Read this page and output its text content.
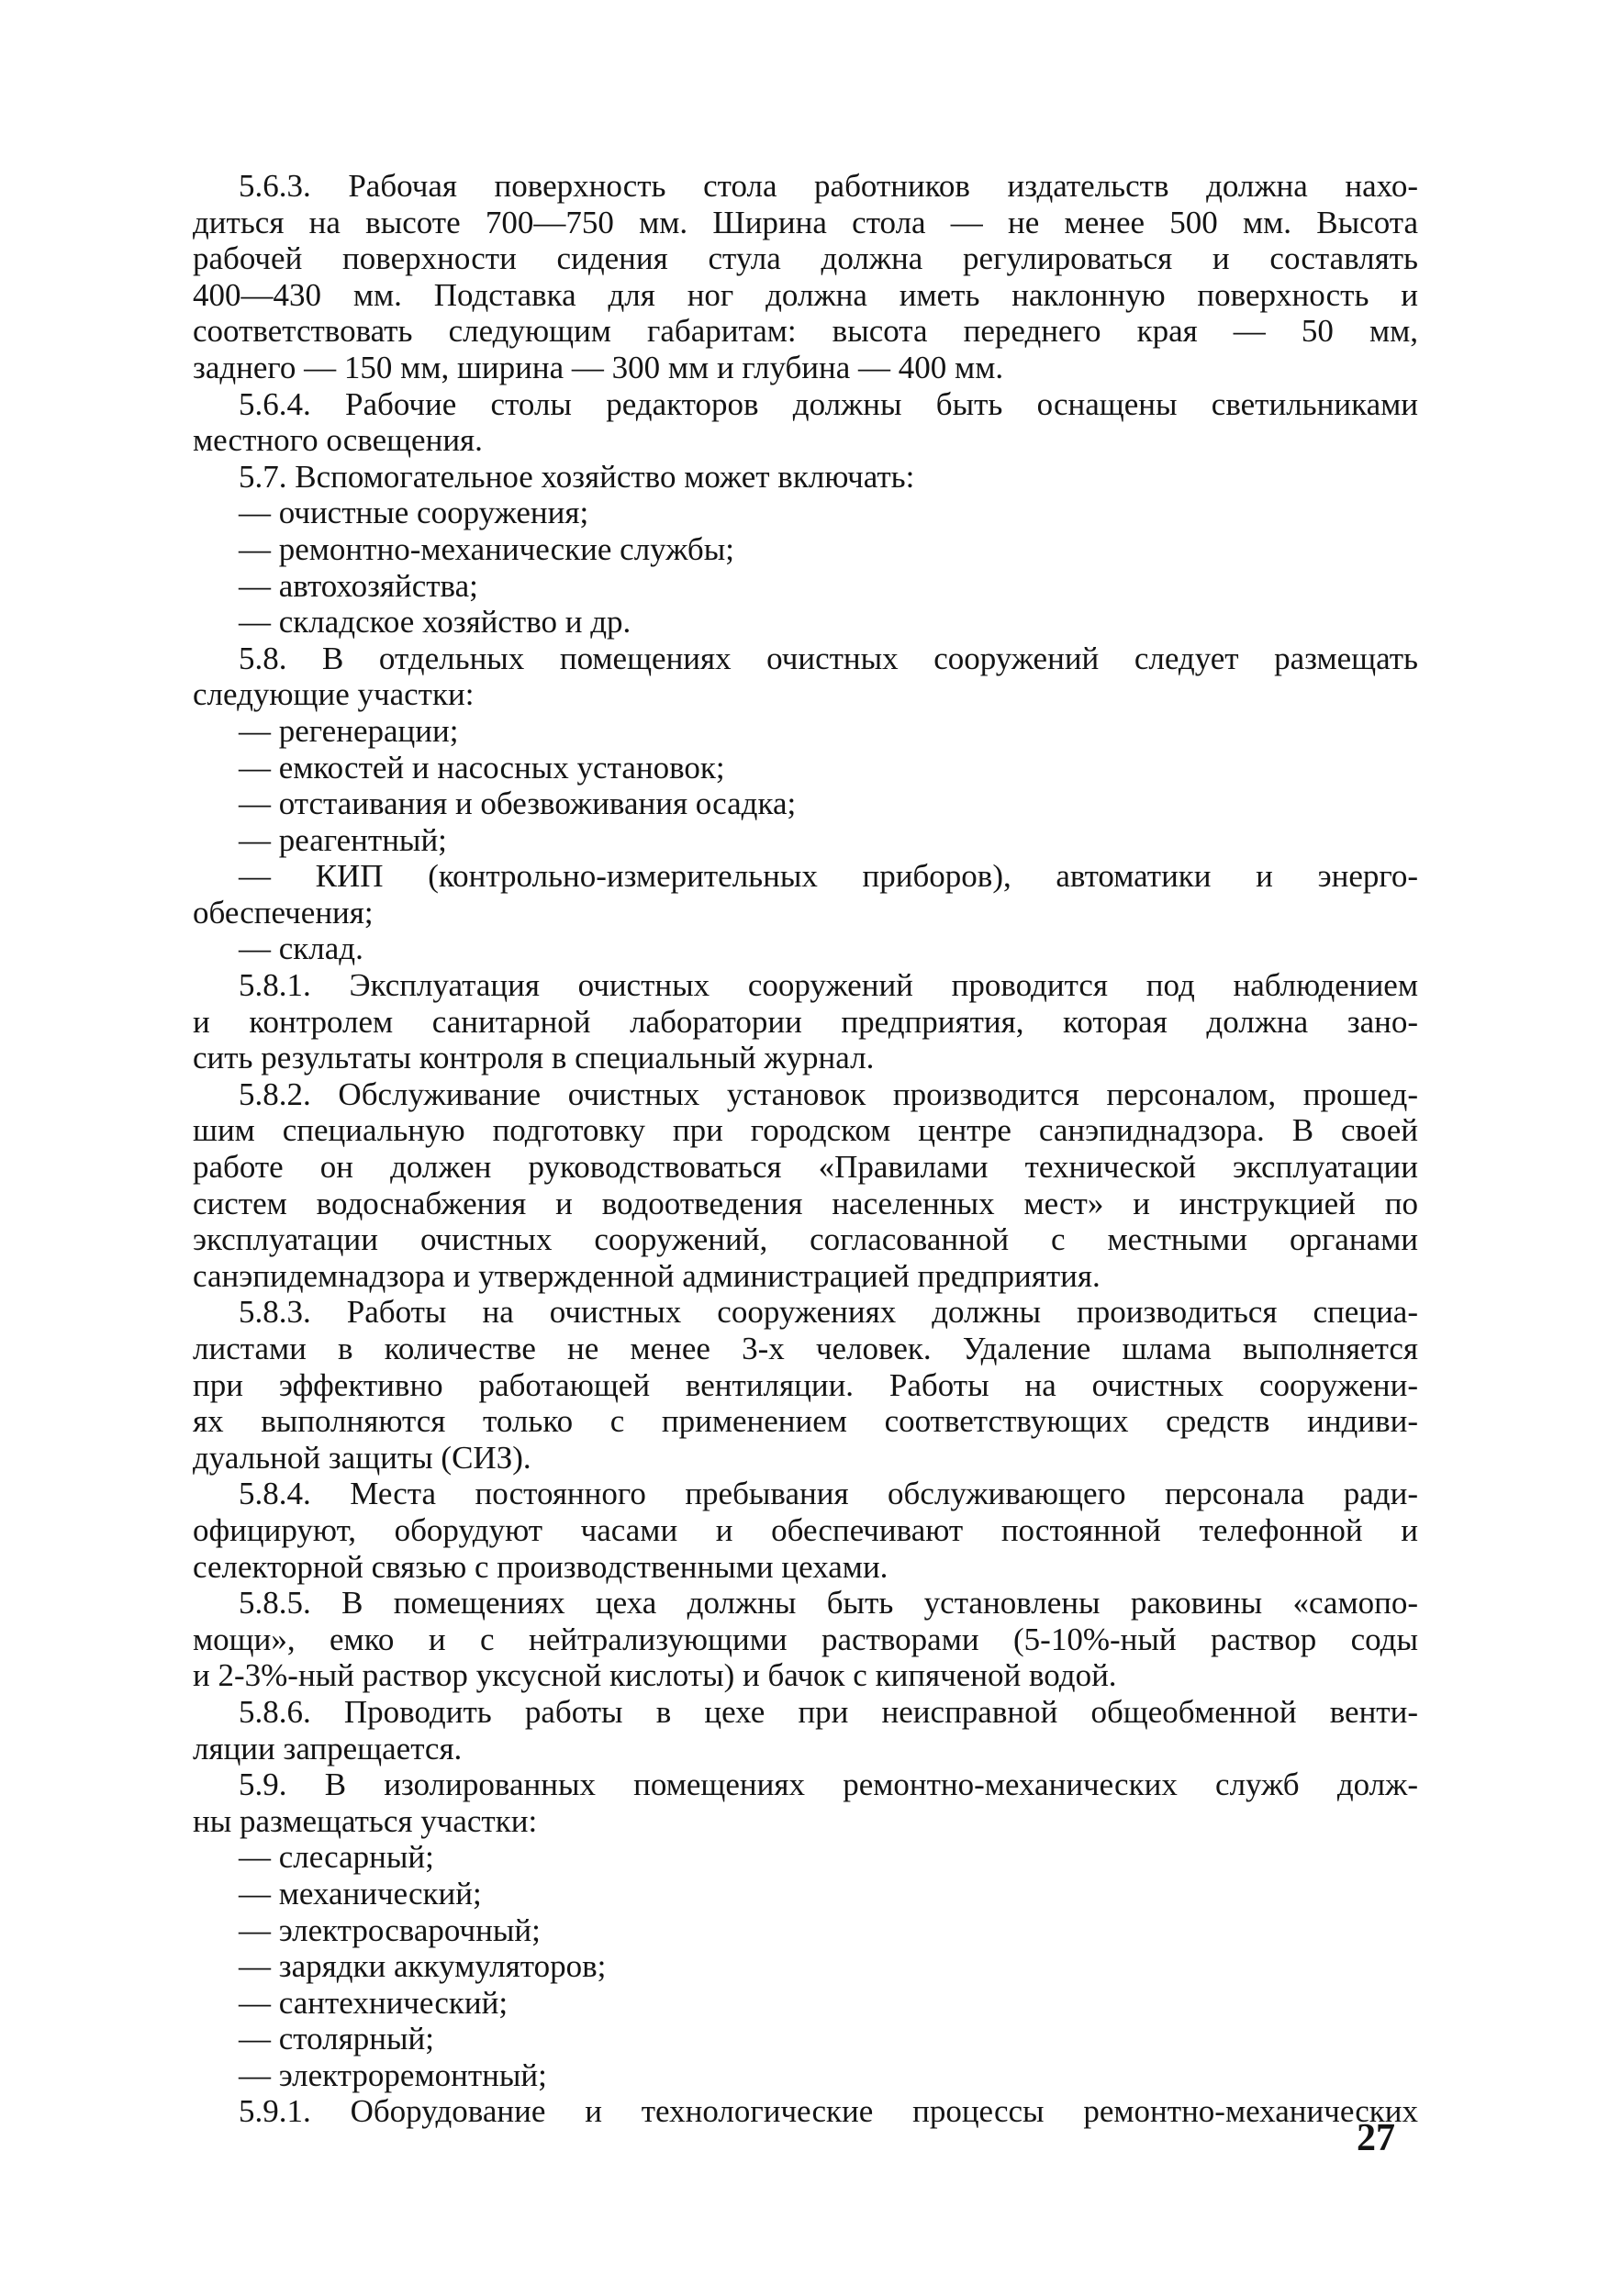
5.6.3. Рабочая поверхность стола работников издательств должна нахо-
диться на высоте 700—750 мм. Ширина стола — не менее 500 мм. Высота
рабочей поверхности сидения стула должна регулироваться и составлять
400—430 мм. Подставка для ног должна иметь наклонную поверхность и
соответствовать следующим габаритам: высота переднего края — 50 мм,
заднего — 150 мм, ширина — 300 мм и глубина — 400 мм.
5.6.4. Рабочие столы редакторов должны быть оснащены светильниками
местного освещения.
5.7. Вспомогательное хозяйство может включать:
— очистные сооружения;
— ремонтно-механические службы;
— автохозяйства;
— складское хозяйство и др.
5.8. В отдельных помещениях очистных сооружений следует размещать
следующие участки:
— регенерации;
— емкостей и насосных установок;
— отстаивания и обезвоживания осадка;
— реагентный;
— КИП (контрольно-измерительных приборов), автоматики и энерго-
обеспечения;
— склад.
5.8.1. Эксплуатация очистных сооружений проводится под наблюдением
и контролем санитарной лаборатории предприятия, которая должна зано-
сить результаты контроля в специальный журнал.
5.8.2. Обслуживание очистных установок производится персоналом, прошед-
шим специальную подготовку при городском центре санэпиднадзора. В своей
работе он должен руководствоваться «Правилами технической эксплуатации
систем водоснабжения и водоотведения населенных мест» и инструкцией по
эксплуатации очистных сооружений, согласованной с местными органами
санэпидемнадзора и утвержденной администрацией предприятия.
5.8.3. Работы на очистных сооружениях должны производиться специа-
листами в количестве не менее 3-х человек. Удаление шлама выполняется
при эффективно работающей вентиляции. Работы на очистных сооружени-
ях выполняются только с применением соответствующих средств индиви-
дуальной защиты (СИЗ).
5.8.4. Места постоянного пребывания обслуживающего персонала ради-
официруют, оборудуют часами и обеспечивают постоянной телефонной и
селекторной связью с производственными цехами.
5.8.5. В помещениях цеха должны быть установлены раковины «самопо-
мощи», емко и с нейтрализующими растворами (5-10%-ный раствор соды
и 2-3%-ный раствор уксусной кислоты) и бачок с кипяченой водой.
5.8.6. Проводить работы в цехе при неисправной общеобменной венти-
ляции запрещается.
5.9. В изолированных помещениях ремонтно-механических служб долж-
ны размещаться участки:
— слесарный;
— механический;
— электросварочный;
— зарядки аккумуляторов;
— сантехнический;
— столярный;
— электроремонтный;
5.9.1. Оборудование и технологические процессы ремонтно-механических
27
